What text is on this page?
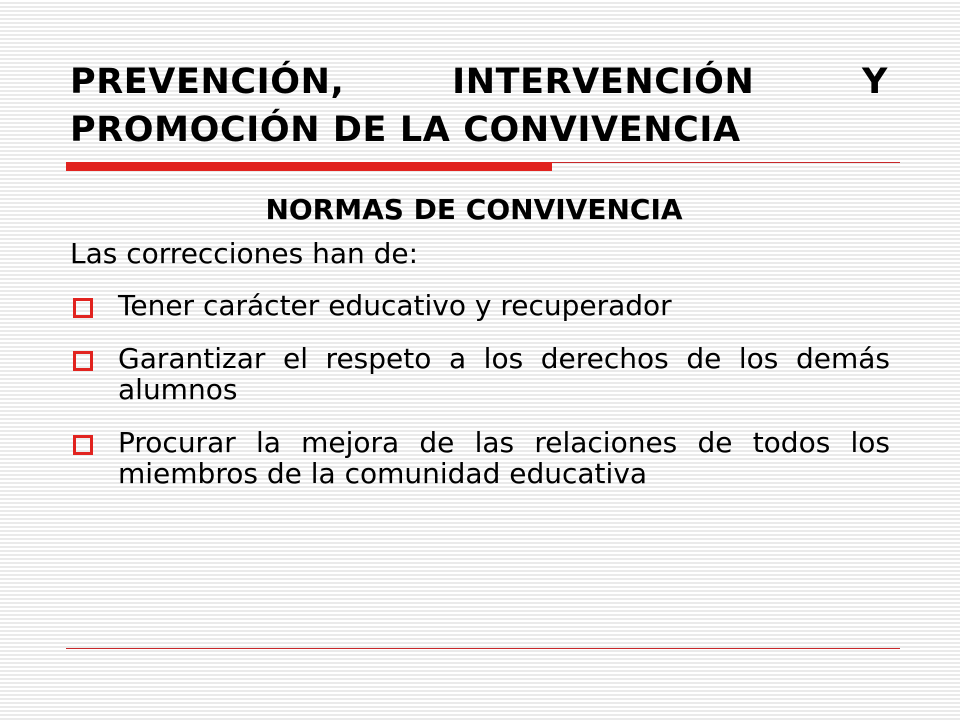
PREVENCIÓN, INTERVENCIÓN Y PROMOCIÓN DE LA CONVIVENCIA
NORMAS DE CONVIVENCIA

Las correcciones han de:

Tener carácter educativo y recuperador
Garantizar el respeto a los derechos de los demás alumnos
Procurar la mejora de las relaciones de todos los miembros de la comunidad educativa
